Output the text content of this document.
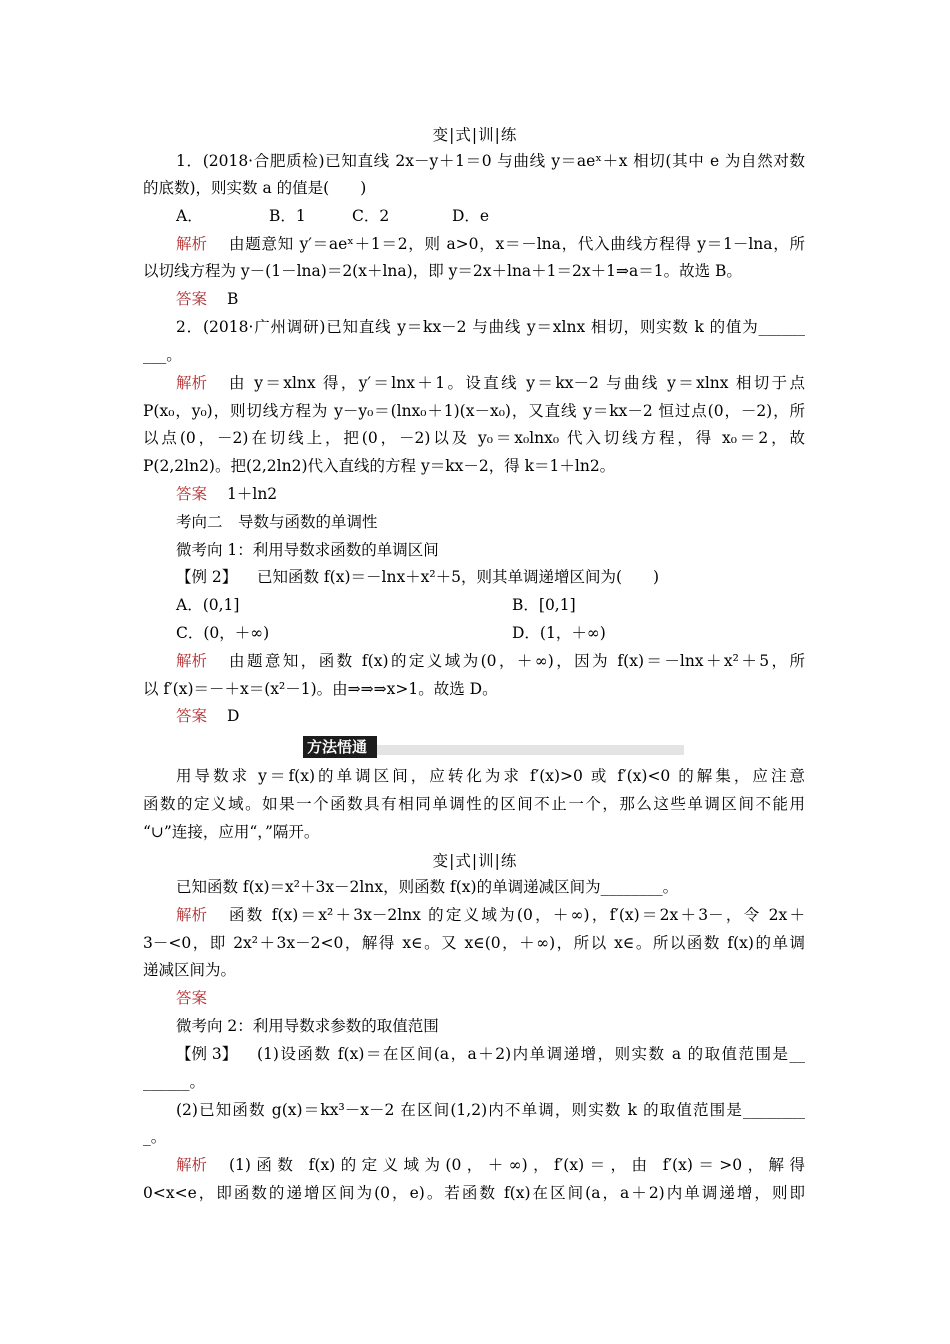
变|式|训|练
1．(2018·合肥质检)已知直线 2x－y＋1＝0 与曲线 y＝aeˣ＋x 相切(其中 e 为自然对数
的底数)，则实数 a 的值是(　　)
A．	B．1	C．2	D．e
解析 由题意知 y′＝aeˣ＋1＝2，则 a>0，x＝－lna，代入曲线方程得 y＝1－lna，所
以切线方程为 y－(1－lna)＝2(x＋lna)，即 y＝2x＋lna＋1＝2x＋1⇒a＝1。故选 B。
答案 B
2．(2018·广州调研)已知直线 y＝kx－2 与曲线 y＝xlnx 相切，则实数 k 的值为______
___。
解析 由 y＝xlnx 得，y′＝lnx＋1。设直线 y＝kx－2 与曲线 y＝xlnx 相切于点
P(x₀，y₀)，则切线方程为 y－y₀＝(lnx₀＋1)(x－x₀)，又直线 y＝kx－2 恒过点(0，－2)，所
以点(0，－2)在切线上，把(0，－2)以及 y₀＝x₀lnx₀ 代入切线方程，得 x₀＝2，故
P(2,2ln2)。把(2,2ln2)代入直线的方程 y＝kx－2，得 k＝1＋ln2。
答案 1＋ln2
考向二　导数与函数的单调性
微考向 1：利用导数求函数的单调区间
【例 2】 已知函数 f(x)＝－lnx＋x²＋5，则其单调递增区间为(　　)
A．(0,1]	B．[0,1]
C．(0，＋∞)	D．(1，＋∞)
解析 由题意知，函数 f(x)的定义域为(0，＋∞)，因为 f(x)＝－lnx＋x²＋5，所
以 f′(x)＝－＋x＝(x²－1)。由⇒⇒⇒x>1。故选 D。
答案 D
方法悟通
用导数求 y＝f(x)的单调区间，应转化为求 f′(x)>0 或 f′(x)<0 的解集，应注意
函数的定义域。如果一个函数具有相同单调性的区间不止一个，那么这些单调区间不能用
“∪”连接，应用“，”隔开。
变|式|训|练
已知函数 f(x)＝x²＋3x－2lnx，则函数 f(x)的单调递减区间为________。
解析 函数 f(x)＝x²＋3x－2lnx 的定义域为(0，＋∞)，f′(x)＝2x＋3－，令 2x＋
3－<0，即 2x²＋3x－2<0，解得 x∈。又 x∈(0，＋∞)，所以 x∈。所以函数 f(x)的单调
递减区间为。
答案
微考向 2：利用导数求参数的取值范围
【例 3】 (1)设函数 f(x)＝在区间(a，a＋2)内单调递增，则实数 a 的取值范围是__
______。
(2)已知函数 g(x)＝kx³－x－2 在区间(1,2)内不单调，则实数 k 的取值范围是________
_。
解析 (1)函数 f(x)的定义域为(0，＋∞)，f′(x)＝，由 f′(x)＝>0，解得
0<x<e，即函数的递增区间为(0，e)。若函数 f(x)在区间(a，a＋2)内单调递增，则即
